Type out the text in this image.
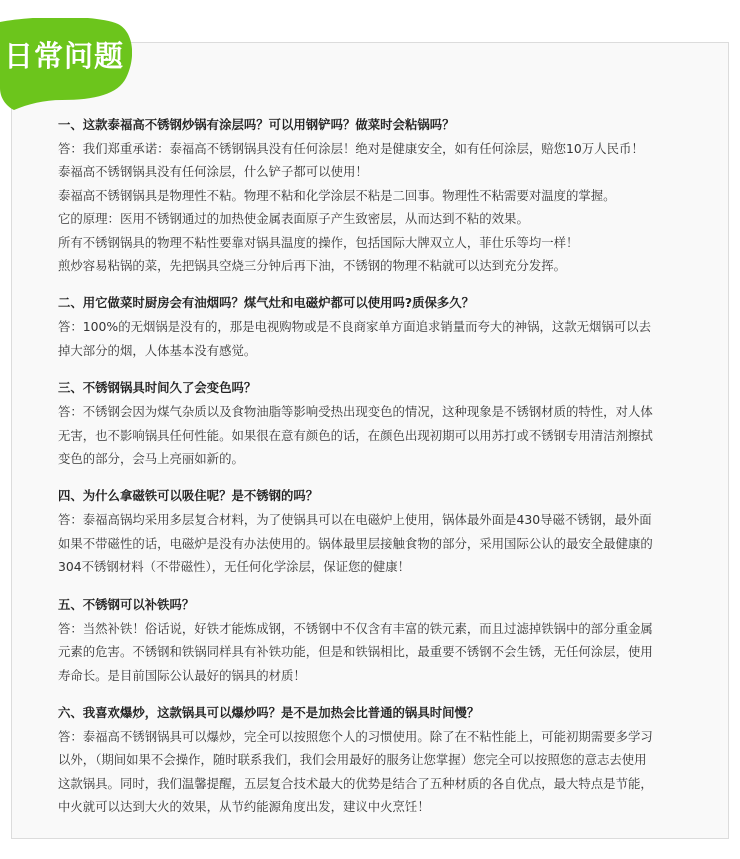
日常问题
一、这款泰福高不锈钢炒锅有涂层吗？可以用钢铲吗？做菜时会粘锅吗？
答：我们郑重承诺：泰福高不锈钢锅具没有任何涂层！绝对是健康安全，如有任何涂层，赔您10万人民币！
泰福高不锈钢锅具没有任何涂层，什么铲子都可以使用！
泰福高不锈钢锅具是物理性不粘。物理不粘和化学涂层不粘是二回事。物理性不粘需要对温度的掌握。
它的原理：医用不锈钢通过的加热使金属表面原子产生致密层，从而达到不粘的效果。
所有不锈钢锅具的物理不粘性要靠对锅具温度的操作，包括国际大牌双立人，菲仕乐等均一样！
煎炒容易粘锅的菜，先把锅具空烧三分钟后再下油，不锈钢的物理不粘就可以达到充分发挥。
二、用它做菜时厨房会有油烟吗？煤气灶和电磁炉都可以使用吗?质保多久？
答：100%的无烟锅是没有的，那是电视购物或是不良商家单方面追求销量而夸大的神锅，这款无烟锅可以去
掉大部分的烟，人体基本没有感觉。
三、不锈钢锅具时间久了会变色吗？
答：不锈钢会因为煤气杂质以及食物油脂等影响受热出现变色的情况，这种现象是不锈钢材质的特性，对人体
无害，也不影响锅具任何性能。如果很在意有颜色的话，在颜色出现初期可以用苏打或不锈钢专用清洁剂擦拭
变色的部分，会马上亮丽如新的。
四、为什么拿磁铁可以吸住呢？是不锈钢的吗？
答：泰福高锅均采用多层复合材料，为了使锅具可以在电磁炉上使用，锅体最外面是430导磁不锈钢，最外面
如果不带磁性的话，电磁炉是没有办法使用的。锅体最里层接触食物的部分，采用国际公认的最安全最健康的
304不锈钢材料（不带磁性），无任何化学涂层，保证您的健康！
五、不锈钢可以补铁吗？
答：当然补铁！俗话说，好铁才能炼成钢，不锈钢中不仅含有丰富的铁元素，而且过滤掉铁锅中的部分重金属
元素的危害。不锈钢和铁锅同样具有补铁功能，但是和铁锅相比，最重要不锈钢不会生锈，无任何涂层，使用
寿命长。是目前国际公认最好的锅具的材质！
六、我喜欢爆炒，这款锅具可以爆炒吗？是不是加热会比普通的锅具时间慢？
答：泰福高不锈钢锅具可以爆炒，完全可以按照您个人的习惯使用。除了在不粘性能上，可能初期需要多学习
以外，（期间如果不会操作，随时联系我们，我们会用最好的服务让您掌握）您完全可以按照您的意志去使用
这款锅具。同时，我们温馨提醒，五层复合技术最大的优势是结合了五种材质的各自优点，最大特点是节能，
中火就可以达到大火的效果，从节约能源角度出发，建议中火烹饪！
